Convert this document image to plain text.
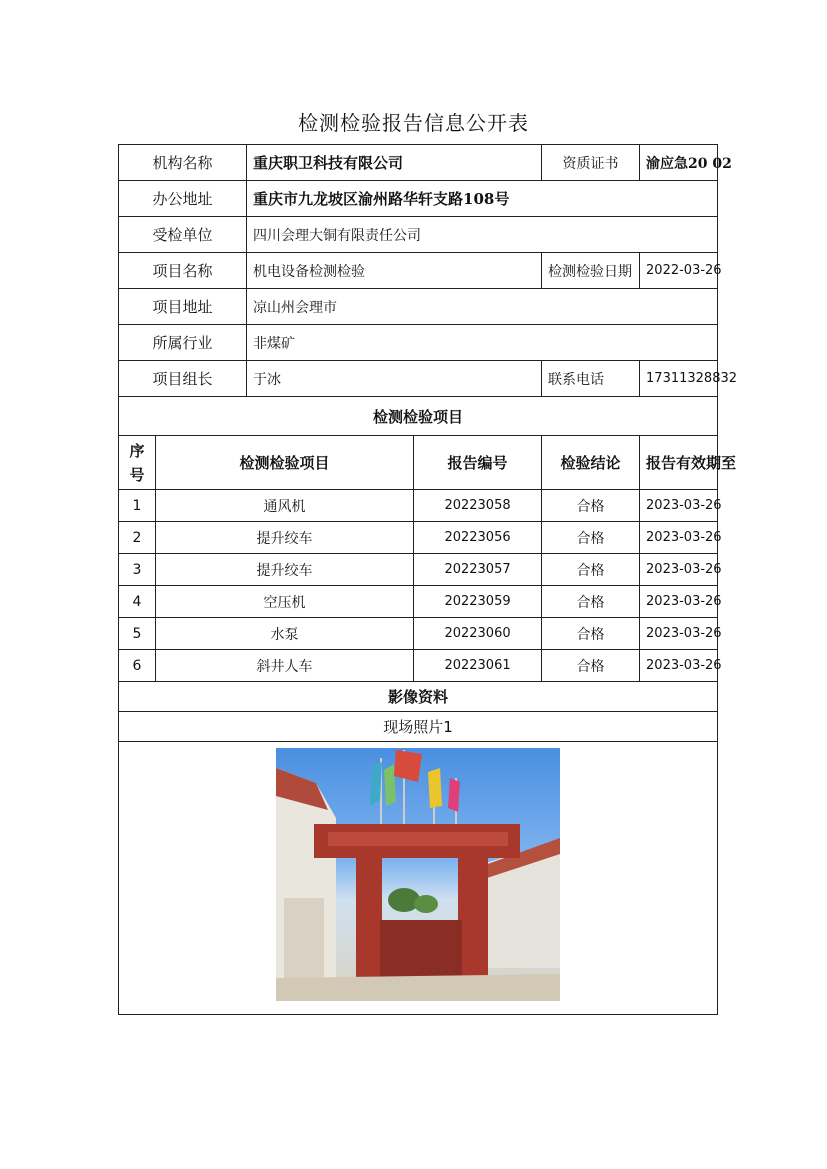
检测检验报告信息公开表
机构名称		重庆职卫科技有限公司		资质证书	渝应急20 02
办公地址		重庆市九龙坡区渝州路华轩支路108号			
受检单位		四川会理大铜有限责任公司			
项目名称		机电设备检测检验		检测检验日期	2022-03-26
项目地址		凉山州会理市			
所属行业		非煤矿			
项目组长		于冰		联系电话	17311328832
检测检验项目					
序号	检测检验项目		报告编号	检验结论	报告有效期至
1	通风机		20223058	合格	2023-03-26
2	提升绞车		20223056	合格	2023-03-26
3	提升绞车		20223057	合格	2023-03-26
4	空压机		20223059	合格	2023-03-26
5	水泵		20223060	合格	2023-03-26
6	斜井人车		20223061	合格	2023-03-26
影像资料					
现场照片1					
